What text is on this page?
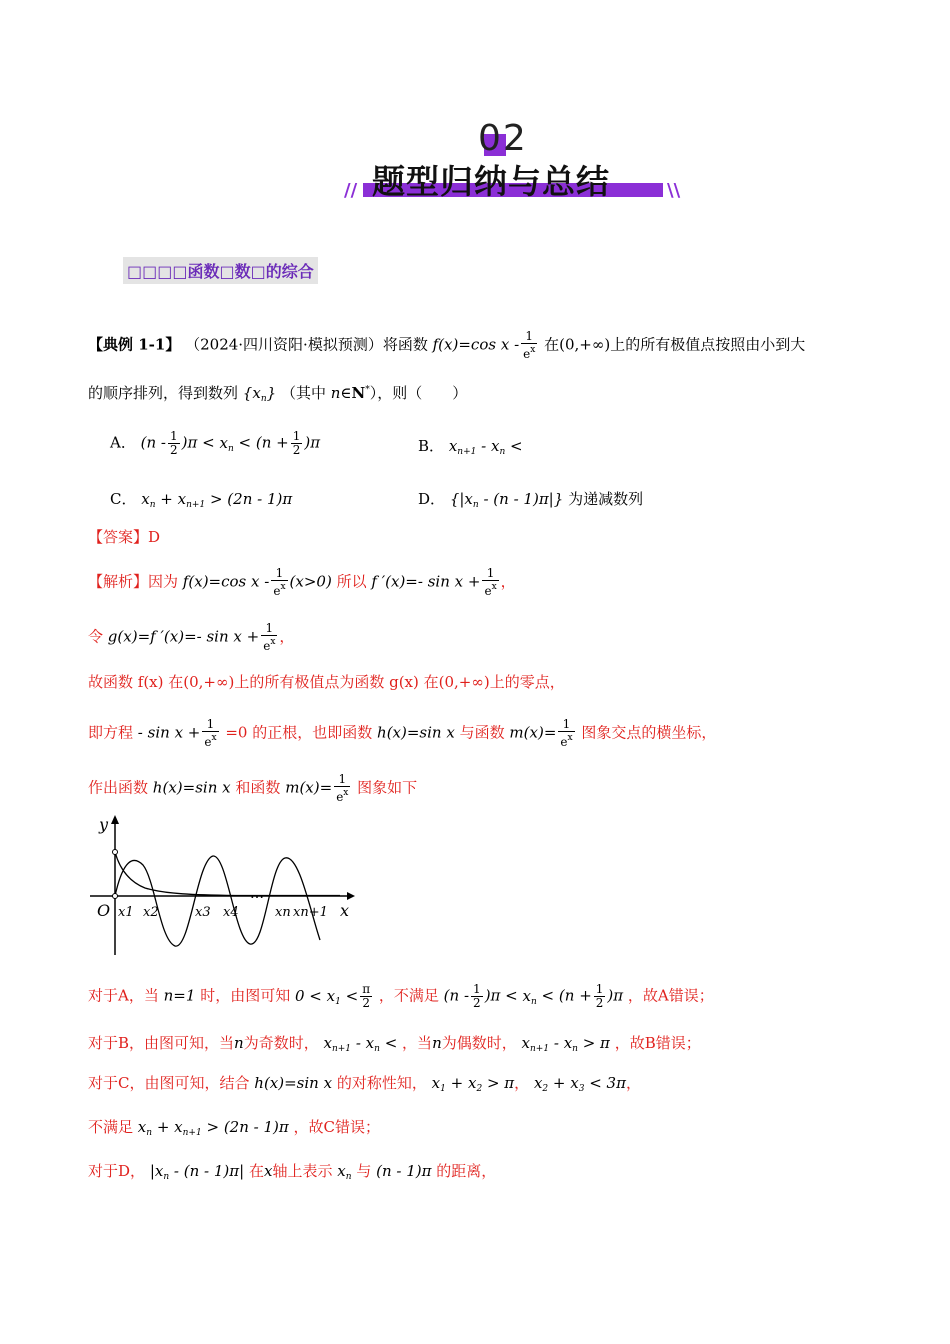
02
题型归纳与总结
//	\\
□□□□函数□数□的综合
【典例 1-1】 （2024·四川资阳·模拟预测）将函数 f(x)=cos x - $\frac{1}{e^x}$ 在(0,+∞)上的所有极值点按照由小到大
的顺序排列，得到数列 $\{x_n\}$ （其中 n∈N*），则（　　）
A． $(n - \frac{1}{2} )\pi < x_n < (n + \frac{1}{2} )\pi$	B． $x_{n+1} - x_n$ <
C． $x_n + x_{n+1} > (2n - 1)\pi$	D． $\{|x_n - (n - 1)\pi|\}$ 为递减数列
【答案】D
【解析】因为 f(x)=cos $x - \frac{1}{e^x} (x>0)$ 所以 f ′(x)=- $\sin x + \frac{1}{e^x}$ ，
令 g(x)=f ′(x)=- $\sin x + \frac{1}{e^x}$ ，
故函数 f(x) 在(0,+∞)上的所有极值点为函数 g(x) 在(0,+∞)上的零点，
即方程 - $\sin x + \frac{1}{e^x} =0$ 的正根，也即函数 h(x)=sin x 与函数 $m(x)= \frac{1}{e^x}$ 图象交点的横坐标，
作出函数 h(x)=sin x 和函数 $m(x)= \frac{1}{e^x}$ 图象如下
y
x
O
…
x1 x2	x3 x4	xn xn+1
对于A，当 n=1 时，由图可知 $0 < x_1 < \frac{\pi}{2}$ ，不满足 $(n - \frac{1}{2} )\pi < x_n < (n + \frac{1}{2} )\pi$ ，故A错误；
对于B，由图可知，当n为奇数时， $x_{n+1} - x_n$ < ，当n为偶数时， $x_{n+1} - x_n > \pi$ ，故B错误；
对于C，由图可知，结合 h(x)=sin x 的对称性知， $x_1 + x_2 > \pi$， $x_2 + x_3 < 3\pi$，
不满足 $x_n + x_{n+1} > (2n - 1)\pi$ ，故C错误；
对于D， $|x_n - (n - 1)\pi|$ 在x轴上表示 $x_n$ 与 (n - 1)π 的距离，
